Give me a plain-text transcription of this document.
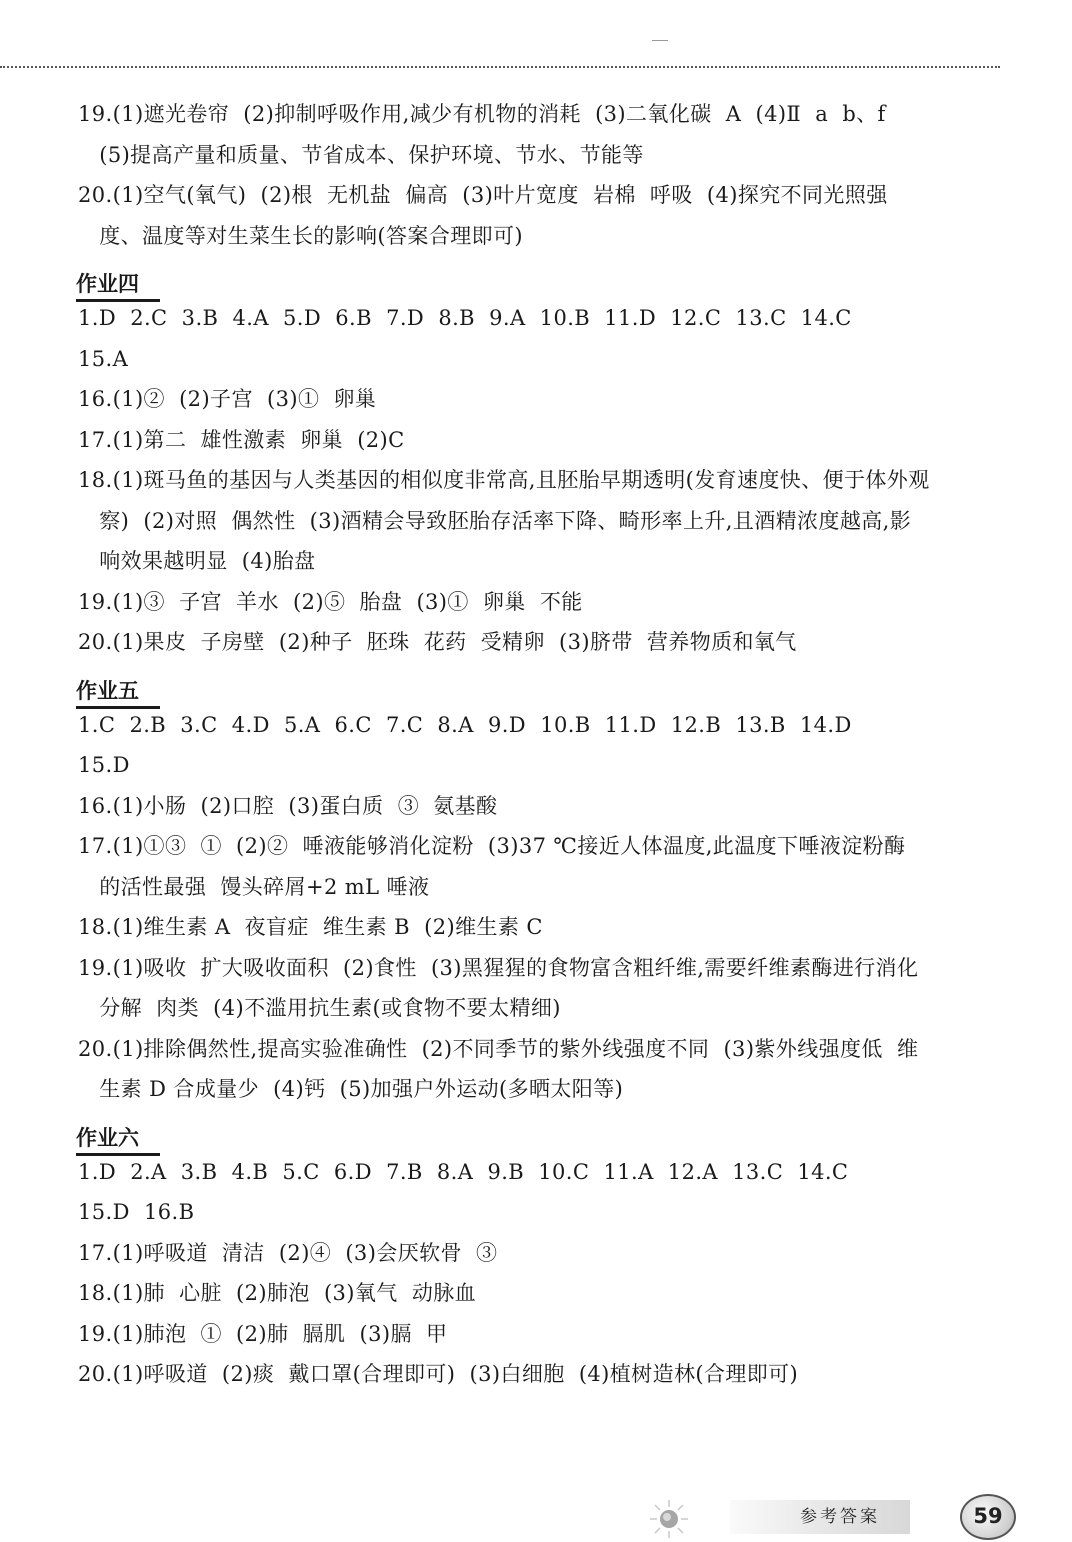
19.(1)遮光卷帘  (2)抑制呼吸作用,减少有机物的消耗  (3)二氧化碳  A  (4)Ⅱ  a  b、f
(5)提高产量和质量、节省成本、保护环境、节水、节能等
20.(1)空气(氧气)  (2)根  无机盐  偏高  (3)叶片宽度  岩棉  呼吸  (4)探究不同光照强
度、温度等对生菜生长的影响(答案合理即可)
作业四
1.D  2.C  3.B  4.A  5.D  6.B  7.D  8.B  9.A  10.B  11.D  12.C  13.C  14.C
15.A
16.(1)②  (2)子宫  (3)①  卵巢
17.(1)第二  雄性激素  卵巢  (2)C
18.(1)斑马鱼的基因与人类基因的相似度非常高,且胚胎早期透明(发育速度快、便于体外观
察)  (2)对照  偶然性  (3)酒精会导致胚胎存活率下降、畸形率上升,且酒精浓度越高,影
响效果越明显  (4)胎盘
19.(1)③  子宫  羊水  (2)⑤  胎盘  (3)①  卵巢  不能
20.(1)果皮  子房壁  (2)种子  胚珠  花药  受精卵  (3)脐带  营养物质和氧气
作业五
1.C  2.B  3.C  4.D  5.A  6.C  7.C  8.A  9.D  10.B  11.D  12.B  13.B  14.D
15.D
16.(1)小肠  (2)口腔  (3)蛋白质  ③  氨基酸
17.(1)①③  ①  (2)②  唾液能够消化淀粉  (3)37 ℃接近人体温度,此温度下唾液淀粉酶
的活性最强  馒头碎屑+2 mL 唾液
18.(1)维生素 A  夜盲症  维生素 B  (2)维生素 C
19.(1)吸收  扩大吸收面积  (2)食性  (3)黑猩猩的食物富含粗纤维,需要纤维素酶进行消化
分解  肉类  (4)不滥用抗生素(或食物不要太精细)
20.(1)排除偶然性,提高实验准确性  (2)不同季节的紫外线强度不同  (3)紫外线强度低  维
生素 D 合成量少  (4)钙  (5)加强户外运动(多晒太阳等)
作业六
1.D  2.A  3.B  4.B  5.C  6.D  7.B  8.A  9.B  10.C  11.A  12.A  13.C  14.C
15.D  16.B
17.(1)呼吸道  清洁  (2)④  (3)会厌软骨  ③
18.(1)肺  心脏  (2)肺泡  (3)氧气  动脉血
19.(1)肺泡  ①  (2)肺  膈肌  (3)膈  甲
20.(1)呼吸道  (2)痰  戴口罩(合理即可)  (3)白细胞  (4)植树造林(合理即可)
参考答案	59
